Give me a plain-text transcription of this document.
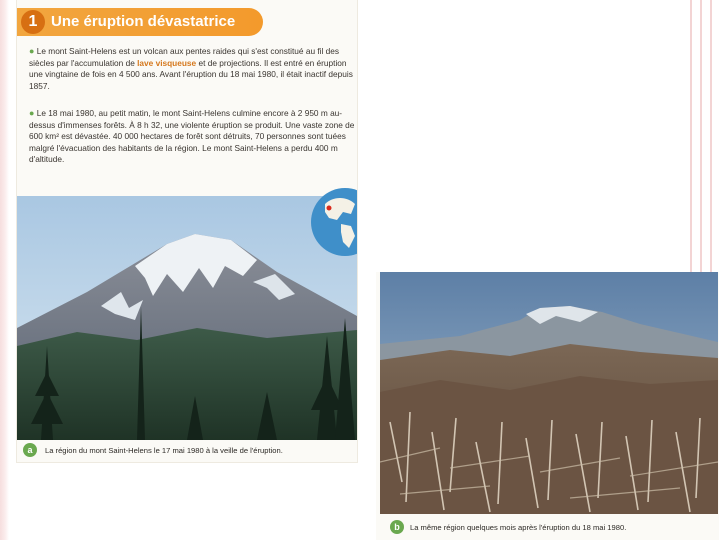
1 Une éruption dévastatrice
● Le mont Saint-Helens est un volcan aux pentes raides qui s'est constitué au fil des siècles par l'accumulation de lave visqueuse et de projections. Il est entré en éruption une vingtaine de fois en 4 500 ans. Avant l'éruption du 18 mai 1980, il était inactif depuis 1857.
● Le 18 mai 1980, au petit matin, le mont Saint-Helens culmine encore à 2 950 m au-dessus d'immenses forêts. À 8 h 32, une violente éruption se produit. Une vaste zone de 600 km² est dévastée. 40 000 hectares de forêt sont détruits, 70 personnes sont tuées malgré l'évacuation des habitants de la région. Le mont Saint-Helens a perdu 400 m d'altitude.
a	La région du mont Saint-Helens le 17 mai 1980 à la veille de l'éruption.
b	La même région quelques mois après l'éruption du 18 mai 1980.
